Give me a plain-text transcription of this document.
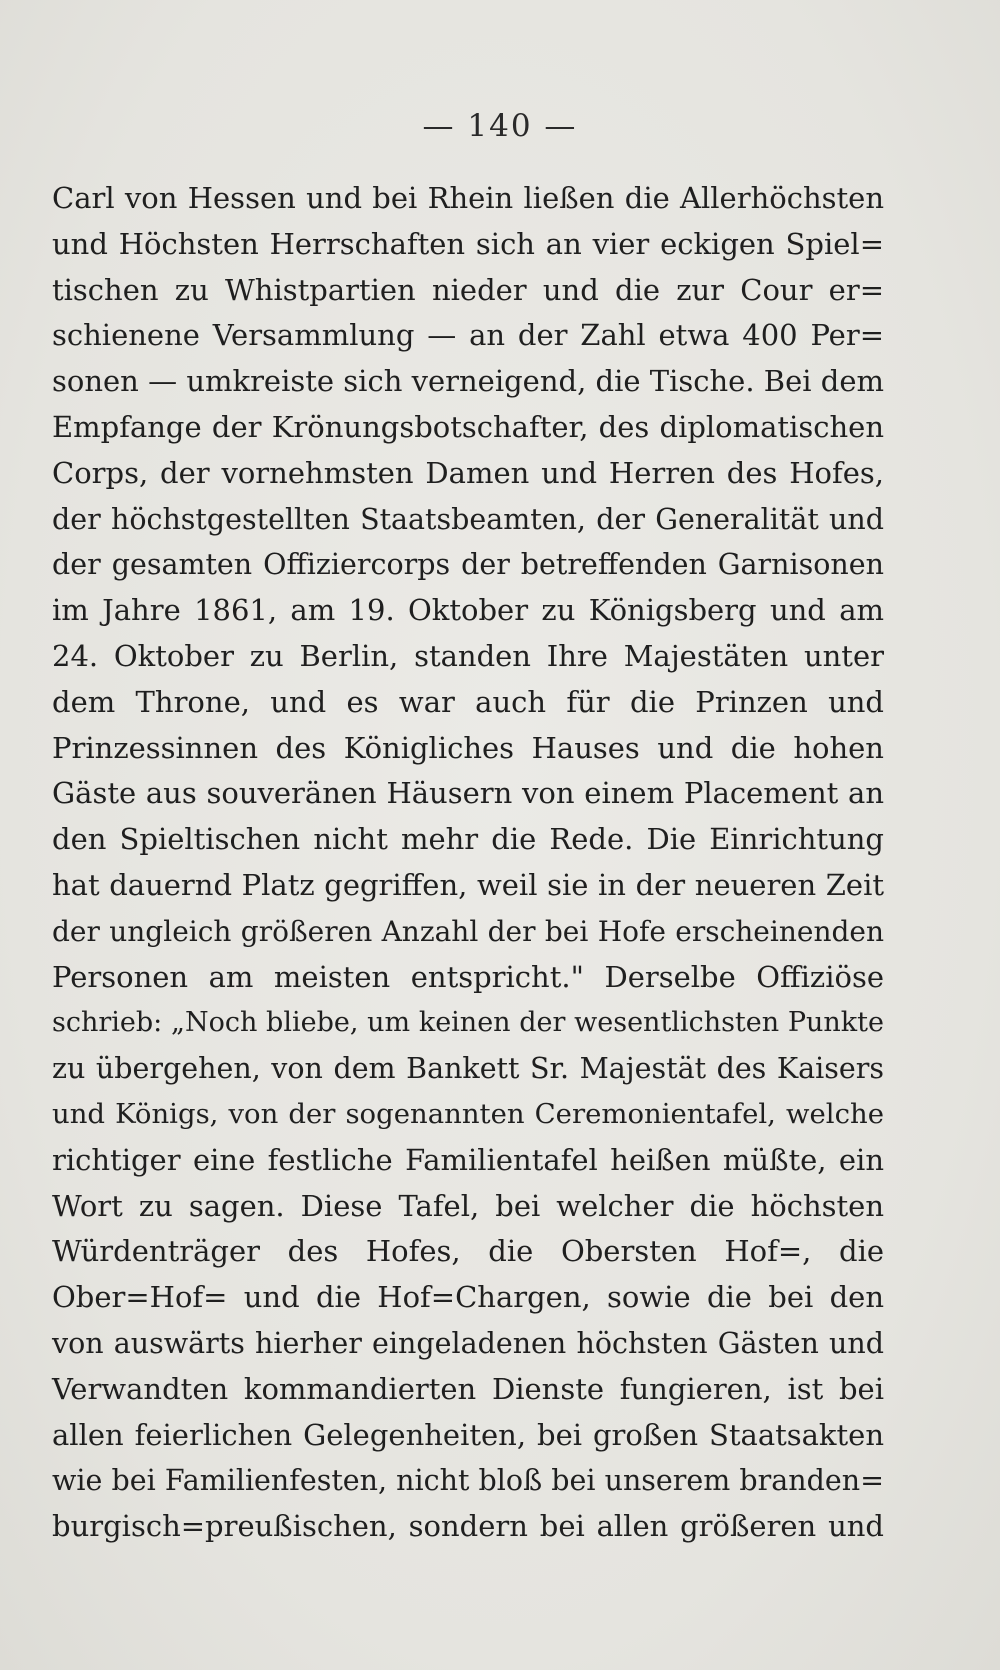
— 140 —
Carl von Hessen und bei Rhein ließen die Allerhöchsten
und Höchsten Herrschaften sich an vier eckigen Spiel=
tischen zu Whistpartien nieder und die zur Cour er=
schienene Versammlung — an der Zahl etwa 400 Per=
sonen — umkreiste sich verneigend, die Tische. Bei dem
Empfange der Krönungsbotschafter, des diplomatischen
Corps, der vornehmsten Damen und Herren des Hofes,
der höchstgestellten Staatsbeamten, der Generalität und
der gesamten Offiziercorps der betreffenden Garnisonen
im Jahre 1861, am 19. Oktober zu Königsberg und am
24. Oktober zu Berlin, standen Ihre Majestäten unter
dem Throne, und es war auch für die Prinzen und
Prinzessinnen des Königliches Hauses und die hohen
Gäste aus souveränen Häusern von einem Placement an
den Spieltischen nicht mehr die Rede. Die Einrichtung
hat dauernd Platz gegriffen, weil sie in der neueren Zeit
der ungleich größeren Anzahl der bei Hofe erscheinenden
Personen am meisten entspricht." Derselbe Offiziöse
schrieb: „Noch bliebe, um keinen der wesentlichsten Punkte
zu übergehen, von dem Bankett Sr. Majestät des Kaisers
und Königs, von der sogenannten Ceremonientafel, welche
richtiger eine festliche Familientafel heißen müßte, ein
Wort zu sagen. Diese Tafel, bei welcher die höchsten
Würdenträger des Hofes, die Obersten Hof=, die
Ober=Hof= und die Hof=Chargen, sowie die bei den
von auswärts hierher eingeladenen höchsten Gästen und
Verwandten kommandierten Dienste fungieren, ist bei
allen feierlichen Gelegenheiten, bei großen Staatsakten
wie bei Familienfesten, nicht bloß bei unserem branden=
burgisch=preußischen, sondern bei allen größeren und
